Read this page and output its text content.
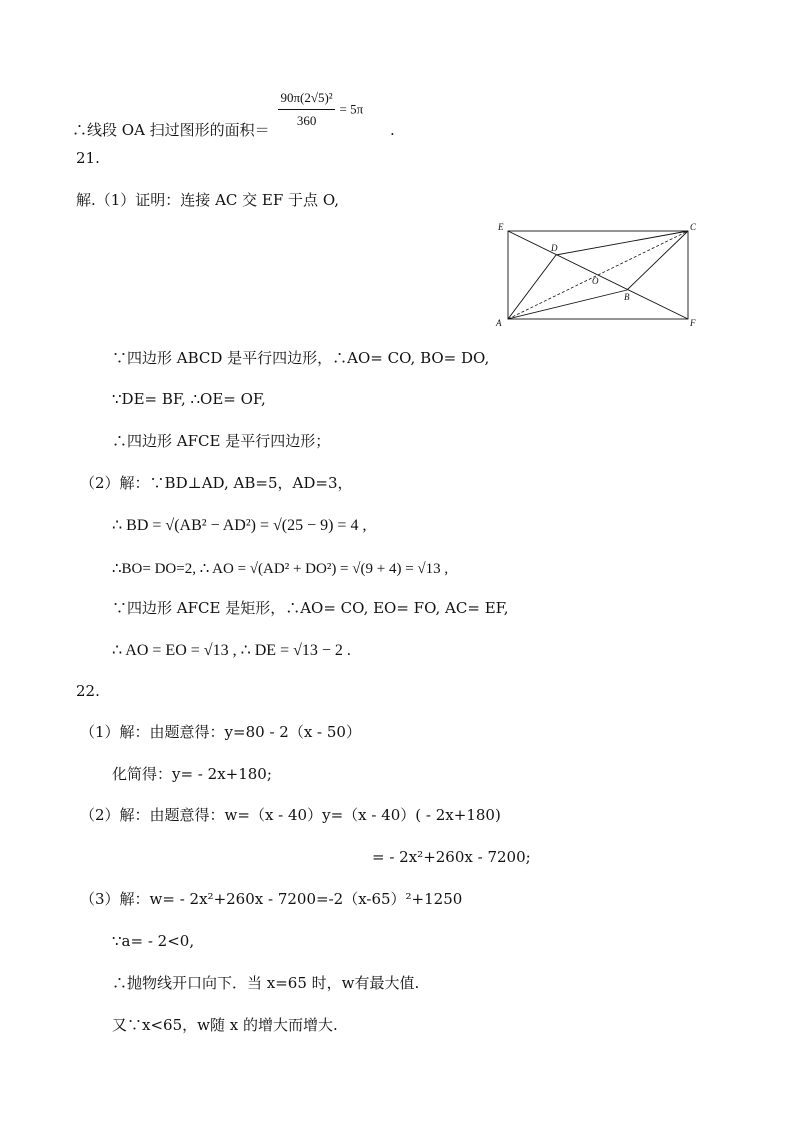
∴线段 OA 扫过图形的面积＝ $\frac{\text{90π(2√5)²}}{360} = 5\pi$ .
21.
解.（1）证明：连接 AC 交 EF 于点 O,
E	C
D
O
B
A	F
∵四边形 ABCD 是平行四边形，∴AO= CO, BO= DO,
∵DE= BF, ∴OE= OF,
∴四边形 AFCE 是平行四边形；
（2）解：∵BD⊥AD, AB=5，AD=3，
∴ BD = √(AB² − AD²) = √(25 − 9) = 4 ,
∴BO= DO=2, ∴ AO = √(AD² + DO²) = √(9 + 4) = √13 ,
∵四边形 AFCE 是矩形，∴AO= CO, EO= FO, AC= EF,
∴ AO = EO = √13 , ∴ DE = √13 − 2 .
22.
（1）解：由题意得：y=80 - 2（x - 50）
化简得：y= - 2x+180;
（2）解：由题意得：w=（x - 40）y=（x - 40）( - 2x+180)
= - 2x²+260x - 7200;
（3）解：w= - 2x²+260x - 7200=-2（x-65）²+1250
∵a= - 2<0,
∴抛物线开口向下．当 x=65 时，w有最大值.
又∵x<65，w随 x 的增大而增大.
